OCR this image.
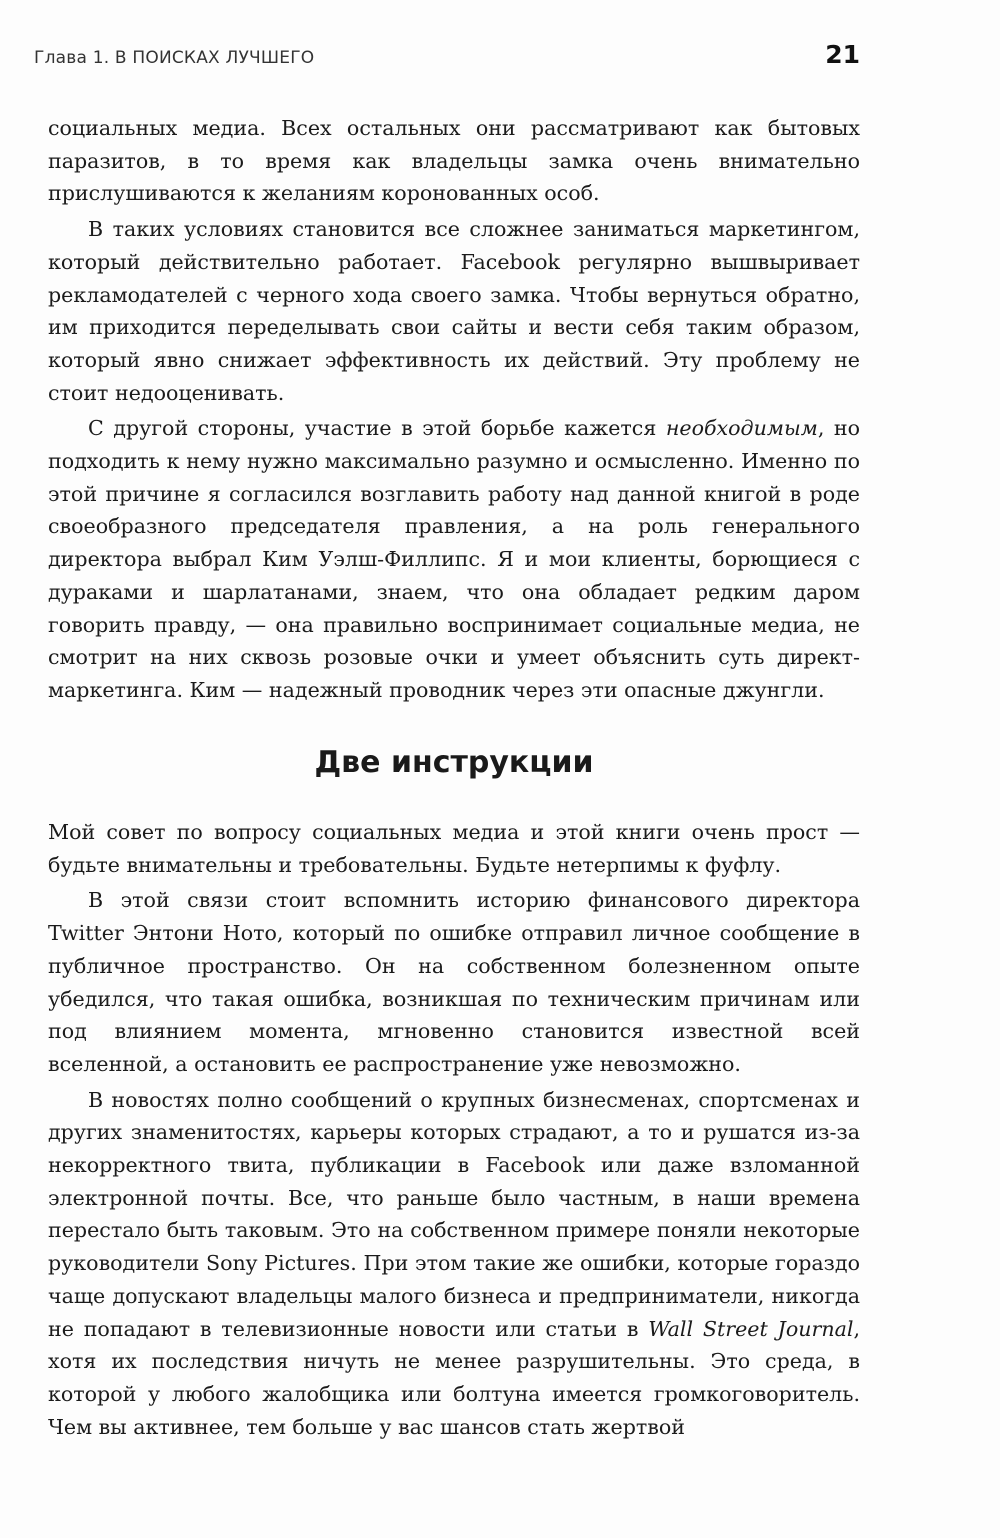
Глава 1. В ПОИСКАХ ЛУЧШЕГО	21

социальных медиа. Всех остальных они рассматривают как бытовых паразитов, в то время как владельцы замка очень внимательно прислушиваются к желаниям коронованных особ.

В таких условиях становится все сложнее заниматься маркетингом, который действительно работает. Facebook регулярно вышвыривает рекламодателей с черного хода своего замка. Чтобы вернуться обратно, им приходится переделывать свои сайты и вести себя таким образом, который явно снижает эффективность их действий. Эту проблему не стоит недооценивать.

С другой стороны, участие в этой борьбе кажется необходимым, но подходить к нему нужно максимально разумно и осмысленно. Именно по этой причине я согласился возглавить работу над данной книгой в роде своеобразного председателя правления, а на роль генерального директора выбрал Ким Уэлш-Филлипс. Я и мои клиенты, борющиеся с дураками и шарлатанами, знаем, что она обладает редким даром говорить правду, — она правильно воспринимает социальные медиа, не смотрит на них сквозь розовые очки и умеет объяснить суть директ-маркетинга. Ким — надежный проводник через эти опасные джунгли.

Две инструкции

Мой совет по вопросу социальных медиа и этой книги очень прост — будьте внимательны и требовательны. Будьте нетерпимы к фуфлу.

В этой связи стоит вспомнить историю финансового директора Twitter Энтони Ното, который по ошибке отправил личное сообщение в публичное пространство. Он на собственном болезненном опыте убедился, что такая ошибка, возникшая по техническим причинам или под влиянием момента, мгновенно становится известной всей вселенной, а остановить ее распространение уже невозможно.

В новостях полно сообщений о крупных бизнесменах, спортсменах и других знаменитостях, карьеры которых страдают, а то и рушатся из-за некорректного твита, публикации в Facebook или даже взломанной электронной почты. Все, что раньше было частным, в наши времена перестало быть таковым. Это на собственном примере поняли некоторые руководители Sony Pictures. При этом такие же ошибки, которые гораздо чаще допускают владельцы малого бизнеса и предприниматели, никогда не попадают в телевизионные новости или статьи в Wall Street Journal, хотя их последствия ничуть не менее разрушительны. Это среда, в которой у любого жалобщика или болтуна имеется громкоговоритель. Чем вы активнее, тем больше у вас шансов стать жертвой
